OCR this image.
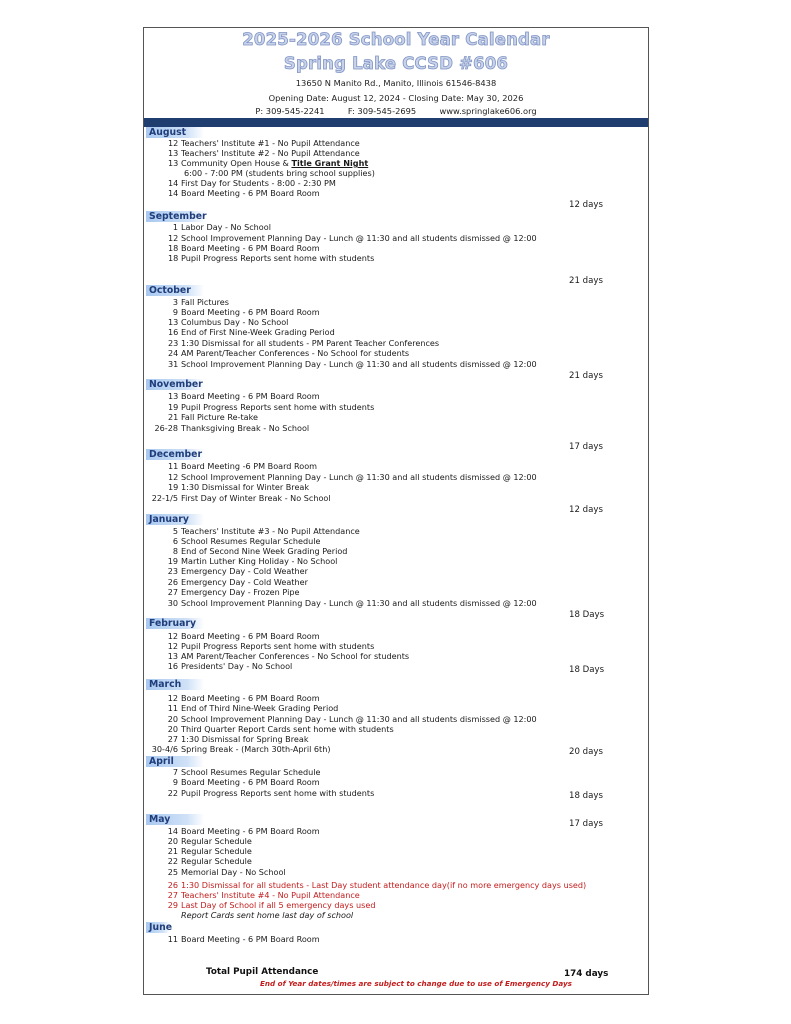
2025-2026 School Year Calendar
Spring Lake CCSD #606
13650 N Manito Rd., Manito, Illinois 61546-8438
Opening Date: August 12, 2024 - Closing Date: May 30, 2026
P: 309-545-2241	F: 309-545-2695	www.springlake606.org
August
12 Teachers' Institute #1 - No Pupil Attendance
13 Teachers' Institute #2 - No Pupil Attendance
13 Community Open House & Title Grant Night
6:00 - 7:00 PM (students bring school supplies)
14 First Day for Students - 8:00 - 2:30 PM
14 Board Meeting - 6 PM Board Room
12 days
September
1 Labor Day - No School
12 School Improvement Planning Day - Lunch @ 11:30 and all students dismissed @ 12:00
18 Board Meeting - 6 PM Board Room
18 Pupil Progress Reports sent home with students
21 days
October
3 Fall Pictures
9 Board Meeting - 6 PM Board Room
13 Columbus Day - No School
16 End of First Nine-Week Grading Period
23 1:30 Dismissal for all students - PM Parent Teacher Conferences
24 AM Parent/Teacher Conferences - No School for students
31 School Improvement Planning Day - Lunch @ 11:30 and all students dismissed @ 12:00
21 days
November
13 Board Meeting - 6 PM Board Room
19 Pupil Progress Reports sent home with students
21 Fall Picture Re-take
26-28 Thanksgiving Break - No School
17 days
December
11 Board Meeting -6 PM Board Room
12 School Improvement Planning Day - Lunch @ 11:30 and all students dismissed @ 12:00
19 1:30 Dismissal for Winter Break
22-1/5 First Day of Winter Break - No School
12 days
January
5 Teachers' Institute #3 - No Pupil Attendance
6 School Resumes Regular Schedule
8 End of Second Nine Week Grading Period
19 Martin Luther King Holiday - No School
23 Emergency Day - Cold Weather
26 Emergency Day - Cold Weather
27 Emergency Day - Frozen Pipe
30 School Improvement Planning Day - Lunch @ 11:30 and all students dismissed @ 12:00
18 Days
February
12 Board Meeting - 6 PM Board Room
12 Pupil Progress Reports sent home with students
13 AM Parent/Teacher Conferences - No School for students
16 Presidents' Day - No School	18 Days
March
12 Board Meeting - 6 PM Board Room
11 End of Third Nine-Week Grading Period
20 School Improvement Planning Day - Lunch @ 11:30 and all students dismissed @ 12:00
20 Third Quarter Report Cards sent home with students
27 1:30 Dismissal for Spring Break
30-4/6 Spring Break - (March 30th-April 6th)	20 days
April
7 School Resumes Regular Schedule
9 Board Meeting - 6 PM Board Room
22 Pupil Progress Reports sent home with students	18 days
May	17 days
14 Board Meeting - 6 PM Board Room
20 Regular Schedule
21 Regular Schedule
22 Regular Schedule
25 Memorial Day - No School
26 1:30 Dismissal for all students - Last Day student attendance day(if no more emergency days used)
27 Teachers' Institute #4 - No Pupil Attendance
29 Last Day of School if all 5 emergency days used
Report Cards sent home last day of school
June
11 Board Meeting - 6 PM Board Room
Total Pupil Attendance	174 days
End of Year dates/times are subject to change due to use of Emergency Days
